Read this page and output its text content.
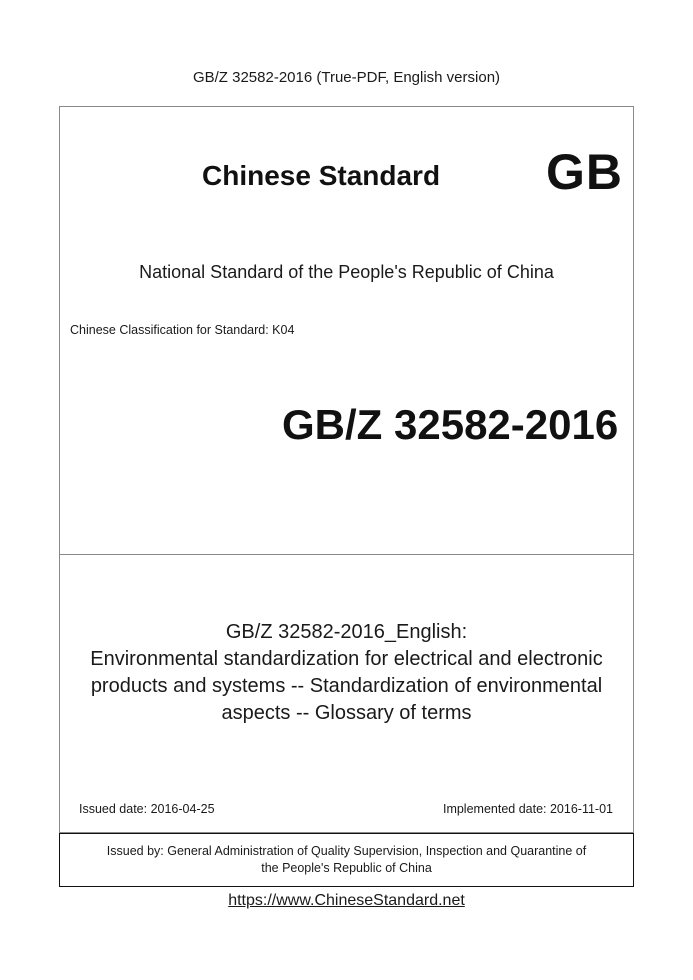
GB/Z 32582-2016 (True-PDF, English version)
Chinese Standard GB
National Standard of the People's Republic of China
Chinese Classification for Standard: K04
GB/Z 32582-2016
GB/Z 32582-2016_English:
Environmental standardization for electrical and electronic
products and systems -- Standardization of environmental
aspects -- Glossary of terms
Issued date: 2016-04-25	Implemented date: 2016-11-01
Issued by: General Administration of Quality Supervision, Inspection and Quarantine of
the People's Republic of China
https://www.ChineseStandard.net
